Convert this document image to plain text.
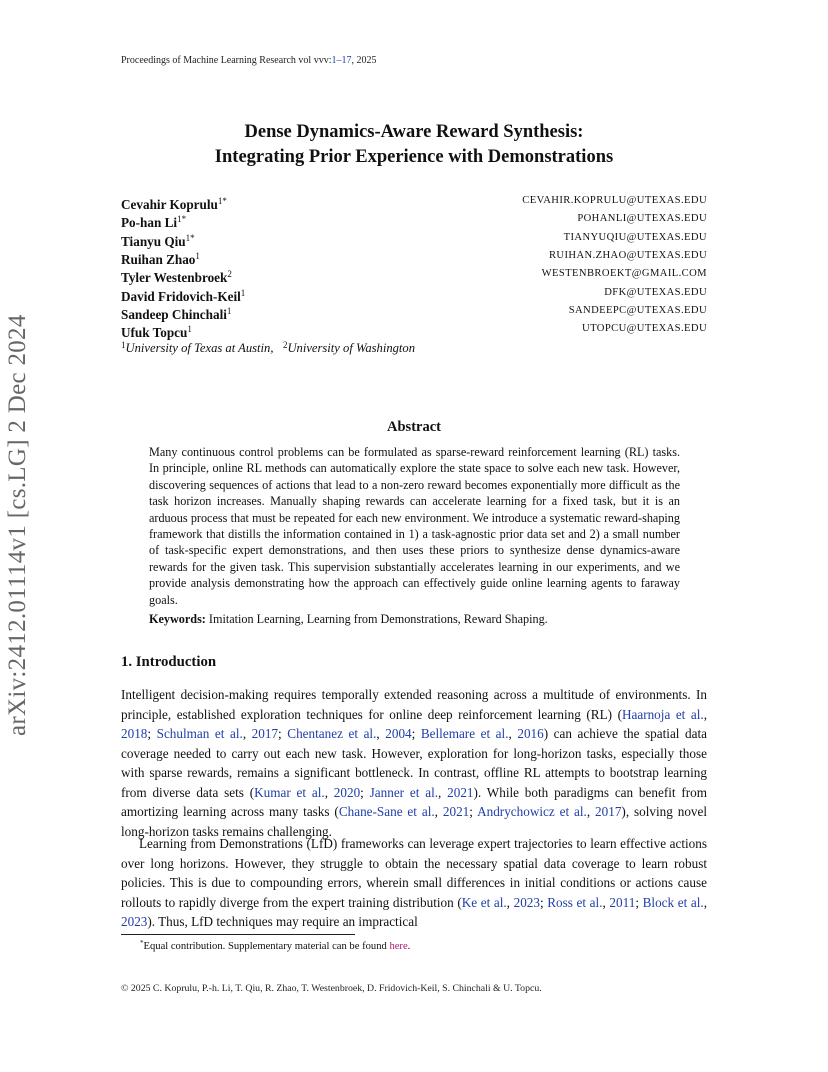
Proceedings of Machine Learning Research vol vvv:1–17, 2025
arXiv:2412.01114v1 [cs.LG] 2 Dec 2024
Dense Dynamics-Aware Reward Synthesis:
Integrating Prior Experience with Demonstrations
Cevahir Koprulu$^{1*}$	CEVAHIR.KOPRULU@UTEXAS.EDU
Po-han $Li^{1*}$	POHANLI@UTEXAS.EDU
Tianyu Qiu$^{1*}$	TIANYUQIU@UTEXAS.EDU
Ruihan Zhao$^1$	RUIHAN.ZHAO@UTEXAS.EDU
Tyler Westenbroek$^2$	WESTENBROEKT@GMAIL.COM
David Fridovich-Keil$^1$	DFK@UTEXAS.EDU
Sandeep Chinchali$^1$	SANDEEPC@UTEXAS.EDU
Ufuk Topcu$^1$	UTOPCU@UTEXAS.EDU
$^1$University of Texas at Austin, $^2$University of Washington
Abstract
Many continuous control problems can be formulated as sparse-reward reinforcement learning (RL) tasks. In principle, online RL methods can automatically explore the state space to solve each new task. However, discovering sequences of actions that lead to a non-zero reward becomes exponentially more difficult as the task horizon increases. Manually shaping rewards can accelerate learning for a fixed task, but it is an arduous process that must be repeated for each new environment. We introduce a systematic reward-shaping framework that distills the information contained in 1) a task-agnostic prior data set and 2) a small number of task-specific expert demonstrations, and then uses these priors to synthesize dense dynamics-aware rewards for the given task. This supervision substantially accelerates learning in our experiments, and we provide analysis demonstrating how the approach can effectively guide online learning agents to faraway goals.
Keywords: Imitation Learning, Learning from Demonstrations, Reward Shaping.
1. Introduction
Intelligent decision-making requires temporally extended reasoning across a multitude of environments. In principle, established exploration techniques for online deep reinforcement learning (RL) (Haarnoja et al., 2018; Schulman et al., 2017; Chentanez et al., 2004; Bellemare et al., 2016) can achieve the spatial data coverage needed to carry out each new task. However, exploration for long-horizon tasks, especially those with sparse rewards, remains a significant bottleneck. In contrast, offline RL attempts to bootstrap learning from diverse data sets (Kumar et al., 2020; Janner et al., 2021). While both paradigms can benefit from amortizing learning across many tasks (Chane-Sane et al., 2021; Andrychowicz et al., 2017), solving novel long-horizon tasks remains challenging.
Learning from Demonstrations (LfD) frameworks can leverage expert trajectories to learn effective actions over long horizons. However, they struggle to obtain the necessary spatial data coverage to learn robust policies. This is due to compounding errors, wherein small differences in initial conditions or actions cause rollouts to rapidly diverge from the expert training distribution (Ke et al., 2023; Ross et al., 2011; Block et al., 2023). Thus, LfD techniques may require an impractical
*Equal contribution. Supplementary material can be found here.
© 2025 C. Koprulu, P.-h. Li, T. Qiu, R. Zhao, T. Westenbroek, D. Fridovich-Keil, S. Chinchali & U. Topcu.
